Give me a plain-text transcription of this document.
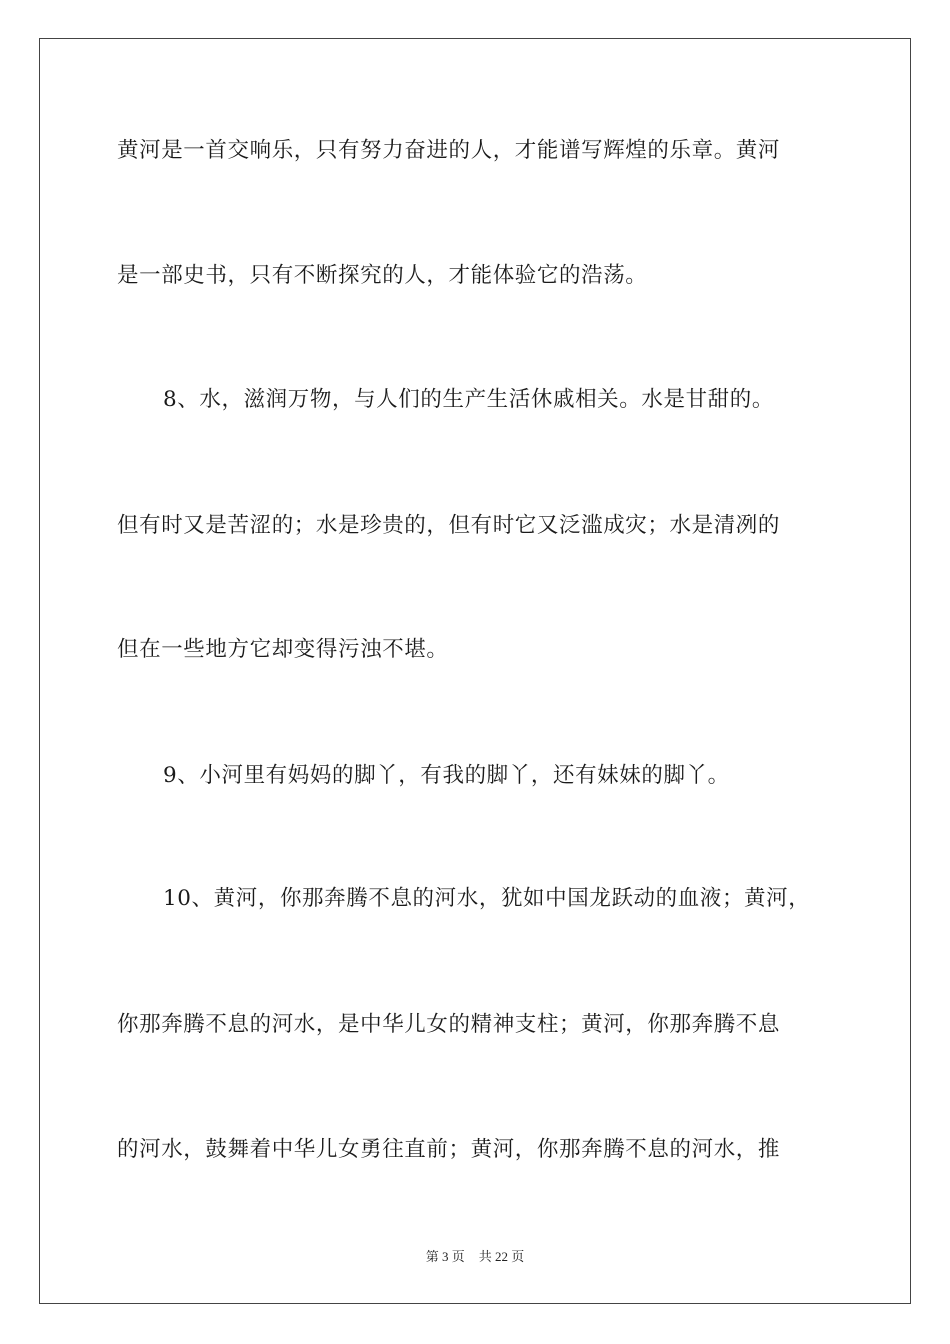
黄河是一首交响乐，只有努力奋进的人，才能谱写辉煌的乐章。黄河
是一部史书，只有不断探究的人，才能体验它的浩荡。
8、水，滋润万物，与人们的生产生活休戚相关。水是甘甜的。
但有时又是苦涩的；水是珍贵的，但有时它又泛滥成灾；水是清冽的
但在一些地方它却变得污浊不堪。
9、小河里有妈妈的脚丫，有我的脚丫，还有妹妹的脚丫。
10、黄河，你那奔腾不息的河水，犹如中国龙跃动的血液；黄河，
你那奔腾不息的河水，是中华儿女的精神支柱；黄河，你那奔腾不息
的河水，鼓舞着中华儿女勇往直前；黄河，你那奔腾不息的河水，推
第 3 页 共 22 页
